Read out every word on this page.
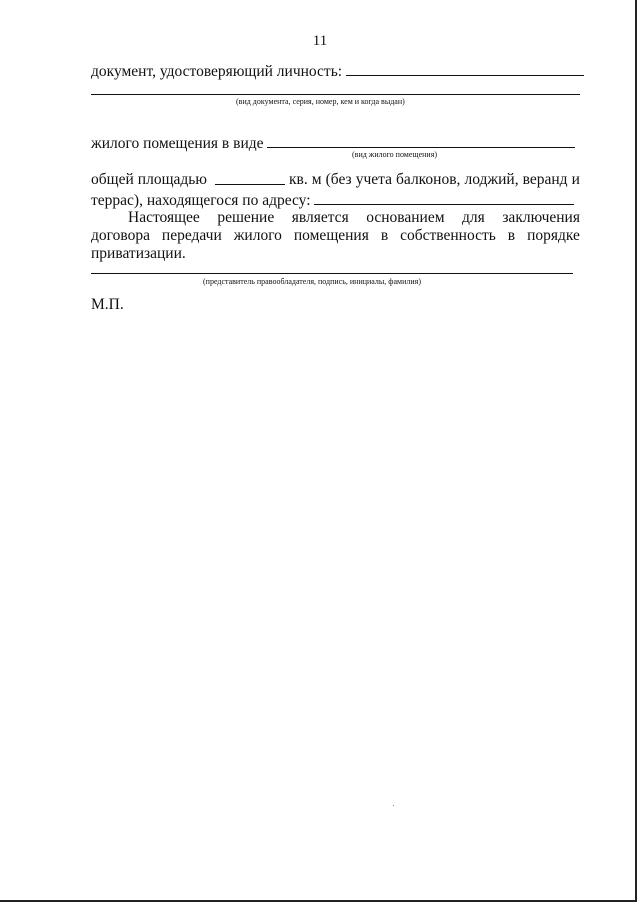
11
документ, удостоверяющий личность:
(вид документа, серия, номер, кем и когда выдан)
жилого помещения в виде
(вид жилого помещения)
общей площадью	кв. м (без учета балконов, лоджий, веранд и
террас), находящегося по адресу:
Настоящее решение является основанием для заключения
договора передачи жилого помещения в собственность в порядке
приватизации.
(представитель правообладателя, подпись, инициалы, фамилия)
М.П.
